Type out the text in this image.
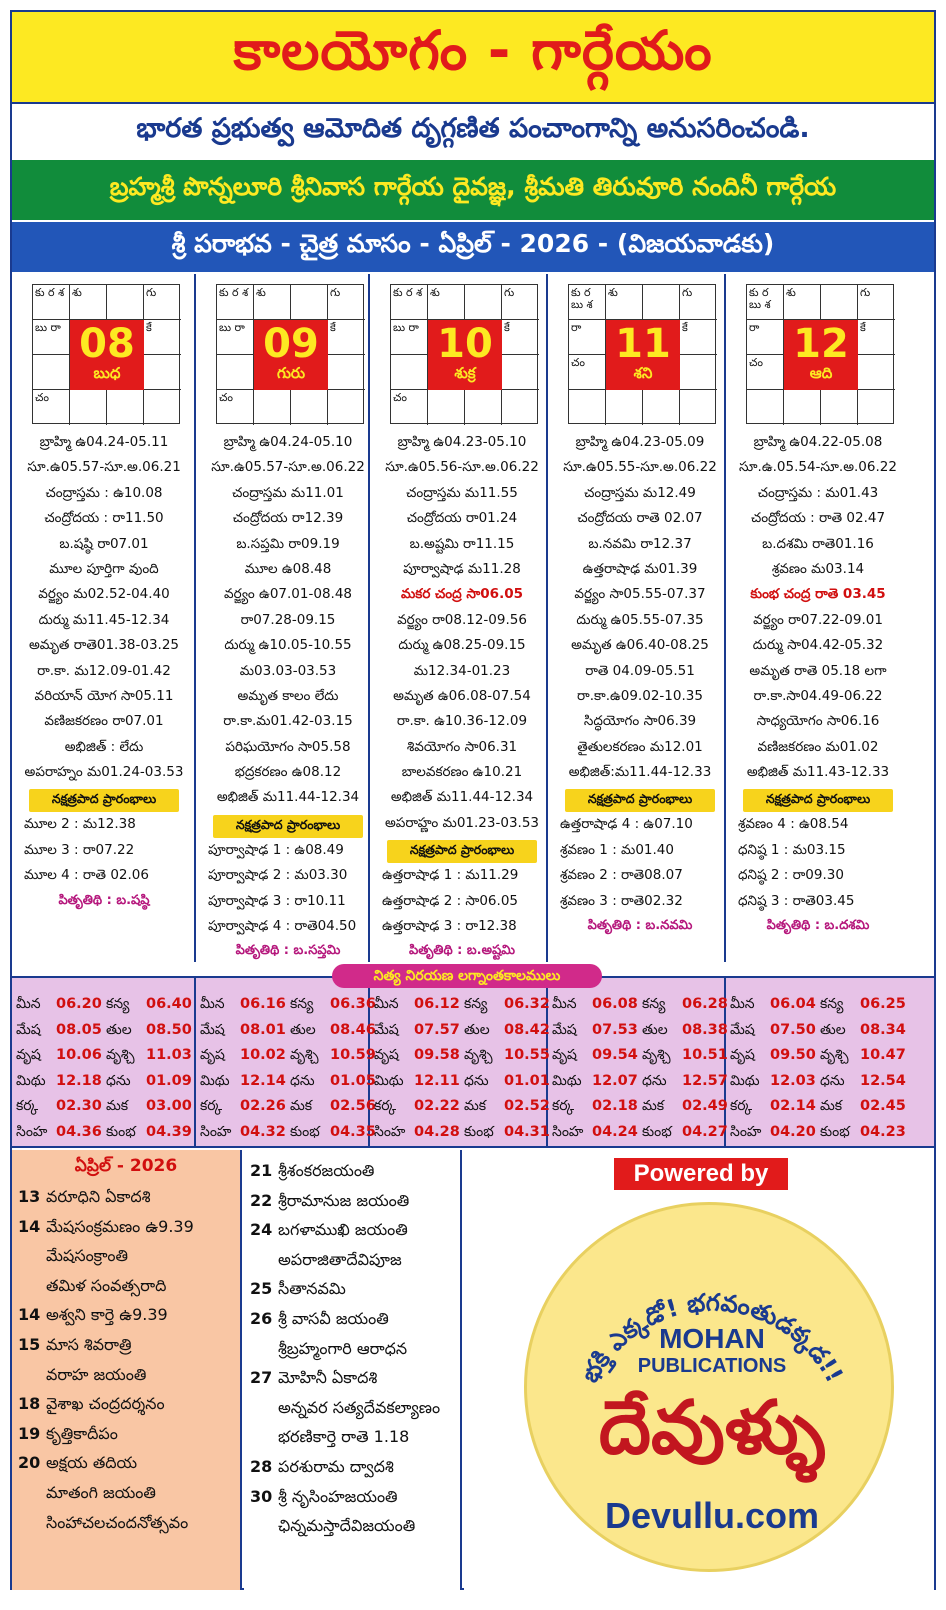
కాలయోగం - గార్గేయం
భారత ప్రభుత్వ ఆమోదిత దృగ్గణిత పంచాంగాన్ని అనుసరించండి.
బ్రహ్మశ్రీ పొన్నలూరి శ్రీనివాస గార్గేయ దైవజ్ఞ, శ్రీమతి తిరువూరి నందినీ గార్గేయ
శ్రీ పరాభవ - చైత్ర మాసం - ఏప్రిల్ - 2026 - (విజయవాడకు)
కు ర శ శు	గు
బు రా	కే
చం
08
బుధ
బ్రాహ్మి ఉ04.24-05.11
సూ.ఉ05.57-సూ.అ.06.21
చంద్రాస్తమ : ఉ10.08
చంద్రోదయ : రా11.50
బ.షష్ఠి రా07.01
మూల పూర్తిగా వుంది
వర్జ్యం మ02.52-04.40
దుర్ము మ11.45-12.34
అమృత రాతె01.38-03.25
రా.కా. మ12.09-01.42
వరియాన్ యోగ సా05.11
వణిజకరణం రా07.01
అభిజిత్ : లేదు
అపరాహ్నం మ01.24-03.53
నక్షత్రపాద ప్రారంభాలు
మూల 2 : మ12.38
మూల 3 : రా07.22
మూల 4 : రాతె 02.06
పితృతిథి : బ.షష్ఠి
కు ర శ శు	గు
బు రా	కే
చం
09
గురు
బ్రాహ్మి ఉ04.24-05.10
సూ.ఉ05.57-సూ.అ.06.22
చంద్రాస్తమ మ11.01
చంద్రోదయ రా12.39
బ.సప్తమి రా09.19
మూల ఉ08.48
వర్జ్యం ఉ07.01-08.48
రా07.28-09.15
దుర్ము ఉ10.05-10.55
మ03.03-03.53
అమృత కాలం లేదు
రా.కా.మ01.42-03.15
పరిఘయోగం సా05.58
భద్రకరణం ఉ08.12
అభిజిత్ మ11.44-12.34
నక్షత్రపాద ప్రారంభాలు
పూర్వాషాఢ 1 : ఉ08.49
పూర్వాషాఢ 2 : మ03.30
పూర్వాషాఢ 3 : రా10.11
పూర్వాషాఢ 4 : రాతె04.50
పితృతిథి : బ.సప్తమి
కు ర శ శు	గు
బు రా	కే
చం
10
శుక్ర
బ్రాహ్మి ఉ04.23-05.10
సూ.ఉ05.56-సూ.అ.06.22
చంద్రాస్తమ మ11.55
చంద్రోదయ రా01.24
బ.అష్టమి రా11.15
పూర్వాషాఢ మ11.28
మకర చంద్ర సా06.05
వర్జ్యం రా08.12-09.56
దుర్ము ఉ08.25-09.15
మ12.34-01.23
అమృత ఉ06.08-07.54
రా.కా. ఉ10.36-12.09
శివయోగం సా06.31
బాలవకరణం ఉ10.21
అభిజిత్ మ11.44-12.34
అపరాహ్ణం మ01.23-03.53
నక్షత్రపాద ప్రారంభాలు
ఉత్తరాషాఢ 1 : మ11.29
ఉత్తరాషాఢ 2 : సా06.05
ఉత్తరాషాఢ 3 : రా12.38
పితృతిథి : బ.అష్టమి
కు ర బు శ
శు	గు
రా	కే
చం 11
శని
బ్రాహ్మి ఉ04.23-05.09
సూ.ఉ05.55-సూ.అ.06.22
చంద్రాస్తమ మ12.49
చంద్రోదయ రాతె 02.07
బ.నవమి రా12.37
ఉత్తరాషాఢ మ01.39
వర్జ్యం సా05.55-07.37
దుర్ము ఉ05.55-07.35
అమృత ఉ06.40-08.25
రాతె 04.09-05.51
రా.కా.ఉ09.02-10.35
సిద్ధయోగం సా06.39
తైతులకరణం మ12.01
అభిజిత్:మ11.44-12.33
నక్షత్రపాద ప్రారంభాలు
ఉత్తరాషాఢ 4 : ఉ07.10
శ్రవణం 1 : మ01.40
శ్రవణం 2 : రాతె08.07
శ్రవణం 3 : రాతె02.32
పితృతిథి : బ.నవమి
కు ర బు శ
శు	గు
రా	కే
చం 12
ఆది
బ్రాహ్మి ఉ04.22-05.08
సూ.ఉ.05.54-సూ.అ.06.22
చంద్రాస్తమ : మ01.43
చంద్రోదయ : రాతె 02.47
బ.దశమి రాతె01.16
శ్రవణం మ03.14
కుంభ చంద్ర రాతె 03.45
వర్జ్యం రా07.22-09.01
దుర్ము సా04.42-05.32
అమృత రాతె 05.18 లగా
రా.కా.సా04.49-06.22
సాధ్యయోగం సా06.16
వణిజకరణం మ01.02
అభిజిత్ మ11.43-12.33
నక్షత్రపాద ప్రారంభాలు
శ్రవణం 4 : ఉ08.54
ధనిష్ఠ 1 : మ03.15
ధనిష్ఠ 2 : రా09.30
ధనిష్ఠ 3 : రాతె03.45
పితృతిథి : బ.దశమి
నిత్య నిరయణ లగ్నాంతకాలములు
మీన 06.20 కన్య 06.40
మేష 08.05 తుల 08.50
వృష 10.06 వృశ్చి 11.03
మిథు 12.18 ధను 01.09
కర్క 02.30 మక 03.00
సింహ 04.36 కుంభ 04.39
మీన 06.16 కన్య 06.36
మేష 08.01 తుల 08.46
వృష 10.02 వృశ్చి 10.59
మిథు 12.14 ధను 01.05
కర్క 02.26 మక 02.56
సింహ 04.32 కుంభ 04.35
మీన 06.12 కన్య 06.32
మేష 07.57 తుల 08.42
వృష 09.58 వృశ్చి 10.55
మిథు 12.11 ధను 01.01
కర్క 02.22 మక 02.52
సింహ 04.28 కుంభ 04.31
మీన 06.08 కన్య 06.28
మేష 07.53 తుల 08.38
వృష 09.54 వృశ్చి 10.51
మిథు 12.07 ధను 12.57
కర్క 02.18 మక 02.49
సింహ 04.24 కుంభ 04.27
మీన 06.04 కన్య 06.25
మేష 07.50 తుల 08.34
వృష 09.50 వృశ్చి 10.47
మిథు 12.03 ధను 12.54
కర్క 02.14 మక 02.45
సింహ 04.20 కుంభ 04.23
ఏప్రిల్ - 2026
13 వరూధిని ఏకాదశి
14 మేషసంక్రమణం ఉ9.39
మేషసంక్రాంతి
తమిళ సంవత్సరాది
14 అశ్వని కార్తె ఉ9.39
15 మాస శివరాత్రి
వరాహ జయంతి
18 వైశాఖ చంద్రదర్శనం
19 కృత్తికాదీపం
20 అక్షయ తదియ
మాతంగి జయంతి
సింహాచలచందనోత్సవం
21 శ్రీశంకరజయంతి
22 శ్రీరామానుజ జయంతి
24 బగళాముఖి జయంతి
అపరాజితాదేవిపూజ
25 సీతానవమి
26 శ్రీ వాసవీ జయంతి
శ్రీబ్రహ్మంగారి ఆరాధన
27 మోహినీ ఏకాదశి
అన్నవర సత్యదేవకల్యాణం
భరణికార్తె రాతె 1.18
28 పరశురామ ద్వాదశి
30 శ్రీ నృసింహజయంతి
ఛిన్నమస్తాదేవిజయంతి
Powered by
భక్తి ఎక్కడో! భగవంతుడక్కడ!!
MOHAN
PUBLICATIONS
దేవుళ్ళు
Devullu.com
